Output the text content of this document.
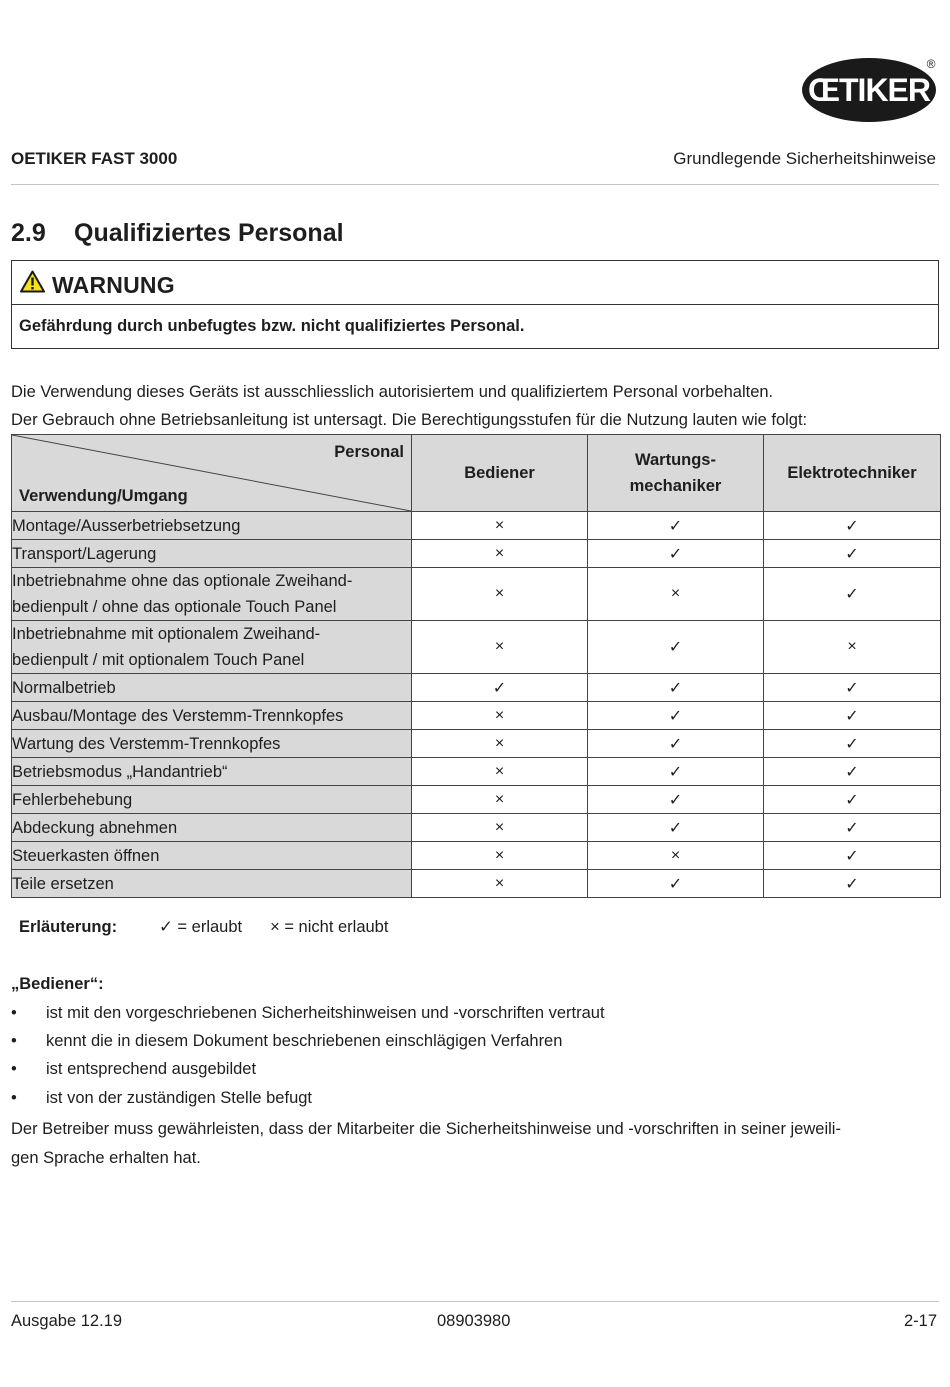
ŒTIKER
®
OETIKER FAST 3000	Grundlegende Sicherheitshinweise
2.9 Qualifiziertes Personal
WARNUNG
Gefährdung durch unbefugtes bzw. nicht qualifiziertes Personal.
Die Verwendung dieses Geräts ist ausschliesslich autorisiertem und qualifiziertem Personal vorbehalten.
Der Gebrauch ohne Betriebsanleitung ist untersagt. Die Berechtigungsstufen für die Nutzung lauten wie folgt:
Personal
Verwendung/Umgang	Bediener	Wartungs-
mechaniker	Elektrotechniker
Montage/Ausserbetriebsetzung	×	✓	✓
Transport/Lagerung	×	✓	✓
Inbetriebnahme ohne das optionale Zweihand-
bedienpult / ohne das optionale Touch Panel	×	×	✓
Inbetriebnahme mit optionalem Zweihand-
bedienpult / mit optionalem Touch Panel	×	✓	×
Normalbetrieb	✓	✓	✓
Ausbau/Montage des Verstemm-Trennkopfes	×	✓	✓
Wartung des Verstemm-Trennkopfes	×	✓	✓
Betriebsmodus „Handantrieb“	×	✓	✓
Fehlerbehebung	×	✓	✓
Abdeckung abnehmen	×	✓	✓
Steuerkasten öffnen	×	×	✓
Teile ersetzen	×	✓	✓
Erläuterung:	✓ = erlaubt × = nicht erlaubt
„Bediener“:
• ist mit den vorgeschriebenen Sicherheitshinweisen und -vorschriften vertraut
• kennt die in diesem Dokument beschriebenen einschlägigen Verfahren
• ist entsprechend ausgebildet
• ist von der zuständigen Stelle befugt
Der Betreiber muss gewährleisten, dass der Mitarbeiter die Sicherheitshinweise und -vorschriften in seiner jeweili-
gen Sprache erhalten hat.
Ausgabe 12.19	08903980	2-17
